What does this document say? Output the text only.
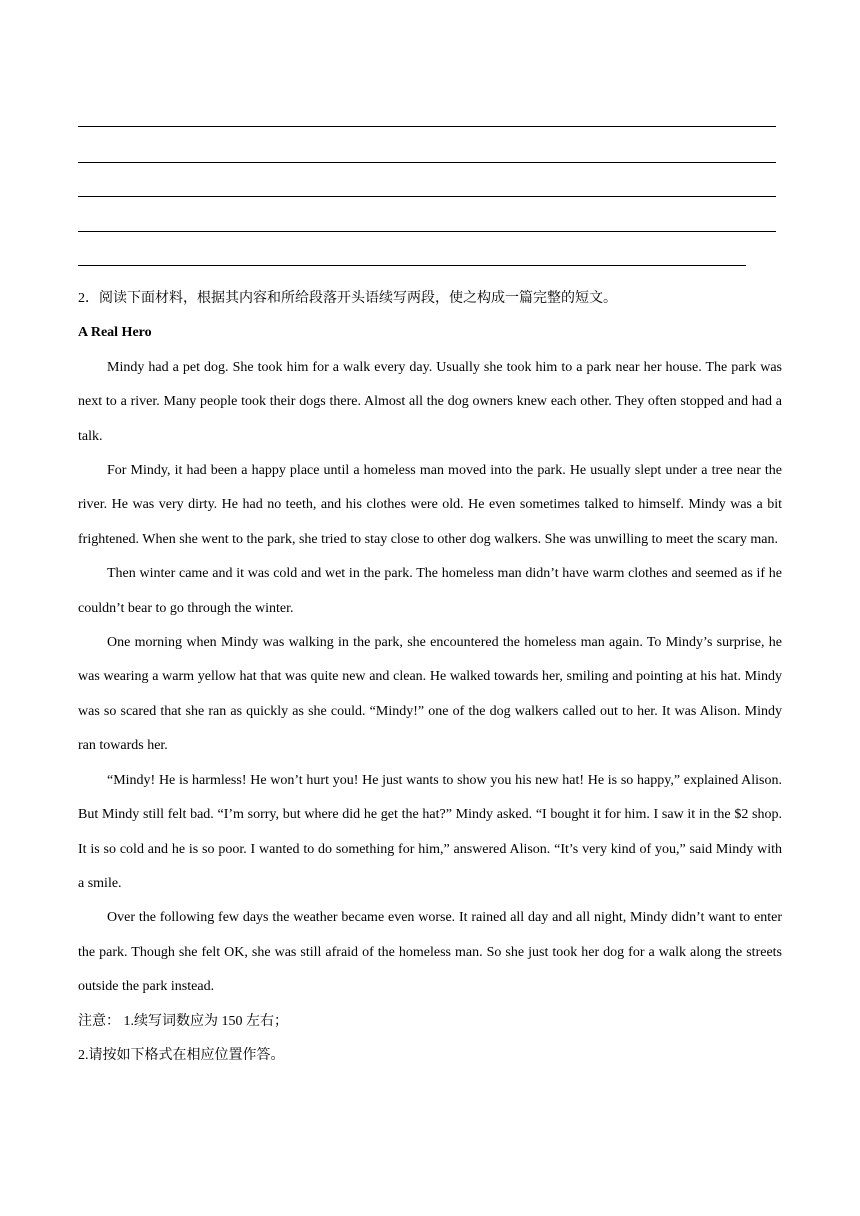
2．阅读下面材料，根据其内容和所给段落开头语续写两段，使之构成一篇完整的短文。

A Real Hero

Mindy had a pet dog. She took him for a walk every day. Usually she took him to a park near her house. The park was next to a river. Many people took their dogs there. Almost all the dog owners knew each other. They often stopped and had a talk.

For Mindy, it had been a happy place until a homeless man moved into the park. He usually slept under a tree near the river. He was very dirty. He had no teeth, and his clothes were old. He even sometimes talked to himself. Mindy was a bit frightened. When she went to the park, she tried to stay close to other dog walkers. She was unwilling to meet the scary man.

Then winter came and it was cold and wet in the park. The homeless man didn’t have warm clothes and seemed as if he couldn’t bear to go through the winter.

One morning when Mindy was walking in the park, she encountered the homeless man again. To Mindy’s surprise, he was wearing a warm yellow hat that was quite new and clean. He walked towards her, smiling and pointing at his hat. Mindy was so scared that she ran as quickly as she could. “Mindy!” one of the dog walkers called out to her. It was Alison. Mindy ran towards her.

“Mindy! He is harmless! He won’t hurt you! He just wants to show you his new hat! He is so happy,” explained Alison. But Mindy still felt bad. “I’m sorry, but where did he get the hat?” Mindy asked. “I bought it for him. I saw it in the $2 shop. It is so cold and he is so poor. I wanted to do something for him,” answered Alison. “It’s very kind of you,” said Mindy with a smile.

Over the following few days the weather became even worse. It rained all day and all night, Mindy didn’t want to enter the park. Though she felt OK, she was still afraid of the homeless man. So she just took her dog for a walk along the streets outside the park instead.

注意： 1.续写词数应为 150 左右；

2.请按如下格式在相应位置作答。
